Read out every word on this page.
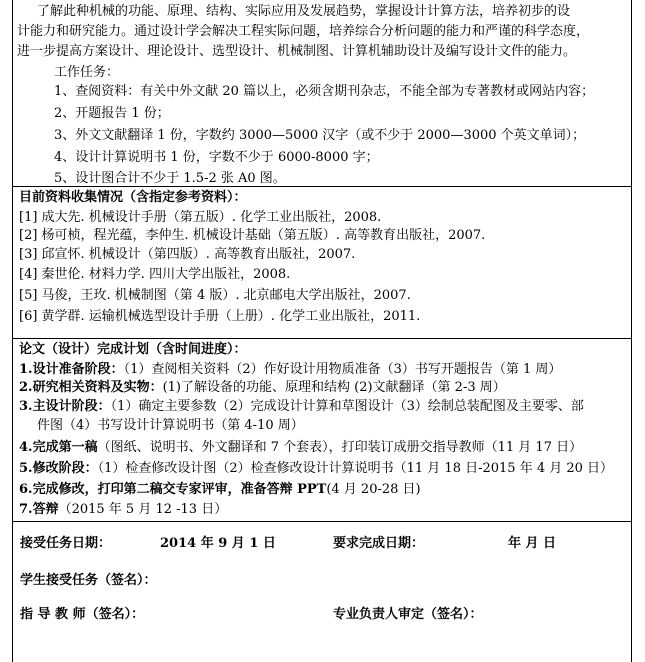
了解此种机械的功能、原理、结构、实际应用及发展趋势，掌握设计计算方法，培养初步的设
计能力和研究能力。通过设计学会解决工程实际问题，培养综合分析问题的能力和严谨的科学态度，
进一步提高方案设计、理论设计、选型设计、机械制图、计算机辅助设计及编写设计文件的能力。
工作任务：
1、查阅资料：有关中外文献 20 篇以上，必须含期刊杂志，不能全部为专著教材或网站内容；
2、开题报告 1 份；
3、外文文献翻译 1 份，字数约 3000—5000 汉字（或不少于 2000—3000 个英文单词）；
4、设计计算说明书 1 份，字数不少于 6000-8000 字；
5、设计图合计不少于 1.5-2 张 A0 图。
目前资料收集情况（含指定参考资料）：
[1] 成大先. 机械设计手册（第五版）. 化学工业出版社，2008.
[2] 杨可桢，程光蕴，李仲生. 机械设计基础（第五版）. 高等教育出版社，2007.
[3] 邱宣怀. 机械设计（第四版）. 高等教育出版社，2007.
[4] 秦世伦. 材料力学. 四川大学出版社，2008.
[5] 马俊，王玫. 机械制图（第 4 版）. 北京邮电大学出版社，2007.
[6] 黄学群. 运输机械选型设计手册（上册）. 化学工业出版社，2011.
论文（设计）完成计划（含时间进度）：
1.设计准备阶段：（1）查阅相关资料（2）作好设计用物质准备（3）书写开题报告（第 1 周）
2.研究相关资料及实物：(1)了解设备的功能、原理和结构 (2)文献翻译（第 2-3 周）
3.主设计阶段：（1）确定主要参数（2）完成设计计算和草图设计（3）绘制总装配图及主要零、部
件图（4）书写设计计算说明书（第 4-10 周）
4.完成第一稿（图纸、说明书、外文翻译和 7 个套表），打印装订成册交指导教师（11 月 17 日）
5.修改阶段：（1）检查修改设计图（2）检查修改设计计算说明书（11 月 18 日-2015 年 4 月 20 日）
6.完成修改，打印第二稿交专家评审，准备答辩 PPT(4 月 20-28 日)
7.答辩（2015 年 5 月 12 -13 日）
接受任务日期：	2014 年 9 月 1 日	要求完成日期：	年 月 日
学生接受任务（签名）：
指 导 教 师（签名）：	专业负责人审定（签名）：
